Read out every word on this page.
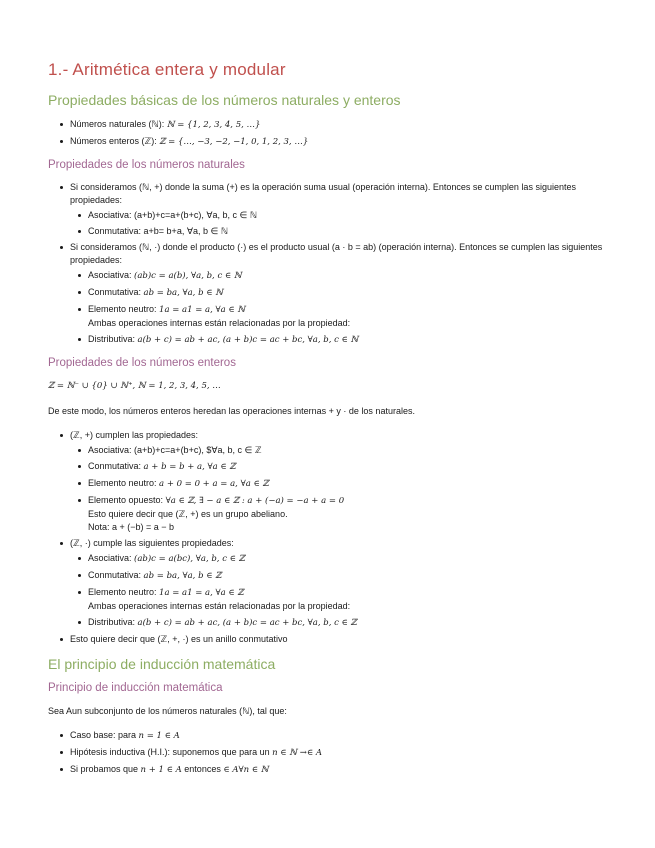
1.- Aritmética entera y modular
Propiedades básicas de los números naturales y enteros
Números naturales (ℕ): ℕ = {1, 2, 3, 4, 5, …}
Números enteros (ℤ): ℤ = {…, −3, −2, −1, 0, 1, 2, 3, …}
Propiedades de los números naturales
Si consideramos (ℕ, +) donde la suma (+) es la operación suma usual (operación interna). Entonces se cumplen las siguientes propiedades:
Asociativa: (a+b)+c=a+(b+c), ∀a, b, c ∈ ℕ
Conmutativa: a+b= b+a, ∀a, b ∈ ℕ
Si consideramos (ℕ, ·) donde el producto (·) es el producto usual (a · b = ab) (operación interna). Entonces se cumplen las siguientes propiedades:
Asociativa: (ab)c = a(b), ∀a, b, c ∈ ℕ
Conmutativa: ab = ba, ∀a, b ∈ ℕ
Elemento neutro: 1a = a1 = a, ∀a ∈ ℕ
Ambas operaciones internas están relacionadas por la propiedad:
Distributiva: a(b + c) = ab + ac, (a + b)c = ac + bc, ∀a, b, c ∈ ℕ
Propiedades de los números enteros

ℤ = ℕ⁻ ∪ {0} ∪ ℕ⁺, ℕ = 1, 2, 3, 4, 5, …

De este modo, los números enteros heredan las operaciones internas + y · de los naturales.

(ℤ, +) cumplen las propiedades:
Asociativa: (a+b)+c=a+(b+c), $∀a, b, c ∈ ℤ
Conmutativa: a + b = b + a, ∀a ∈ ℤ
Elemento neutro: a + 0 = 0 + a = a, ∀a ∈ ℤ
Elemento opuesto: ∀a ∈ ℤ, ∃ − a ∈ ℤ : a + (−a) = −a + a = 0
Esto quiere decir que (ℤ, +) es un grupo abeliano.
Nota: a + (−b) = a − b
(ℤ, ·) cumple las siguientes propiedades:
Asociativa: (ab)c = a(bc), ∀a, b, c ∈ ℤ
Conmutativa: ab = ba, ∀a, b ∈ ℤ
Elemento neutro: 1a = a1 = a, ∀a ∈ ℤ
Ambas operaciones internas están relacionadas por la propiedad:
Distributiva: a(b + c) = ab + ac, (a + b)c = ac + bc, ∀a, b, c ∈ ℤ
Esto quiere decir que (ℤ, +, ·) es un anillo conmutativo
El principio de inducción matemática
Principio de inducción matemática

Sea Aun subconjunto de los números naturales (ℕ), tal que:

Caso base: para n = 1 ∈ A
Hipótesis inductiva (H.I.): suponemos que para un n ∈ ℕ →∈ A
Si probamos que n + 1 ∈ A entonces ∈ A∀n ∈ ℕ
